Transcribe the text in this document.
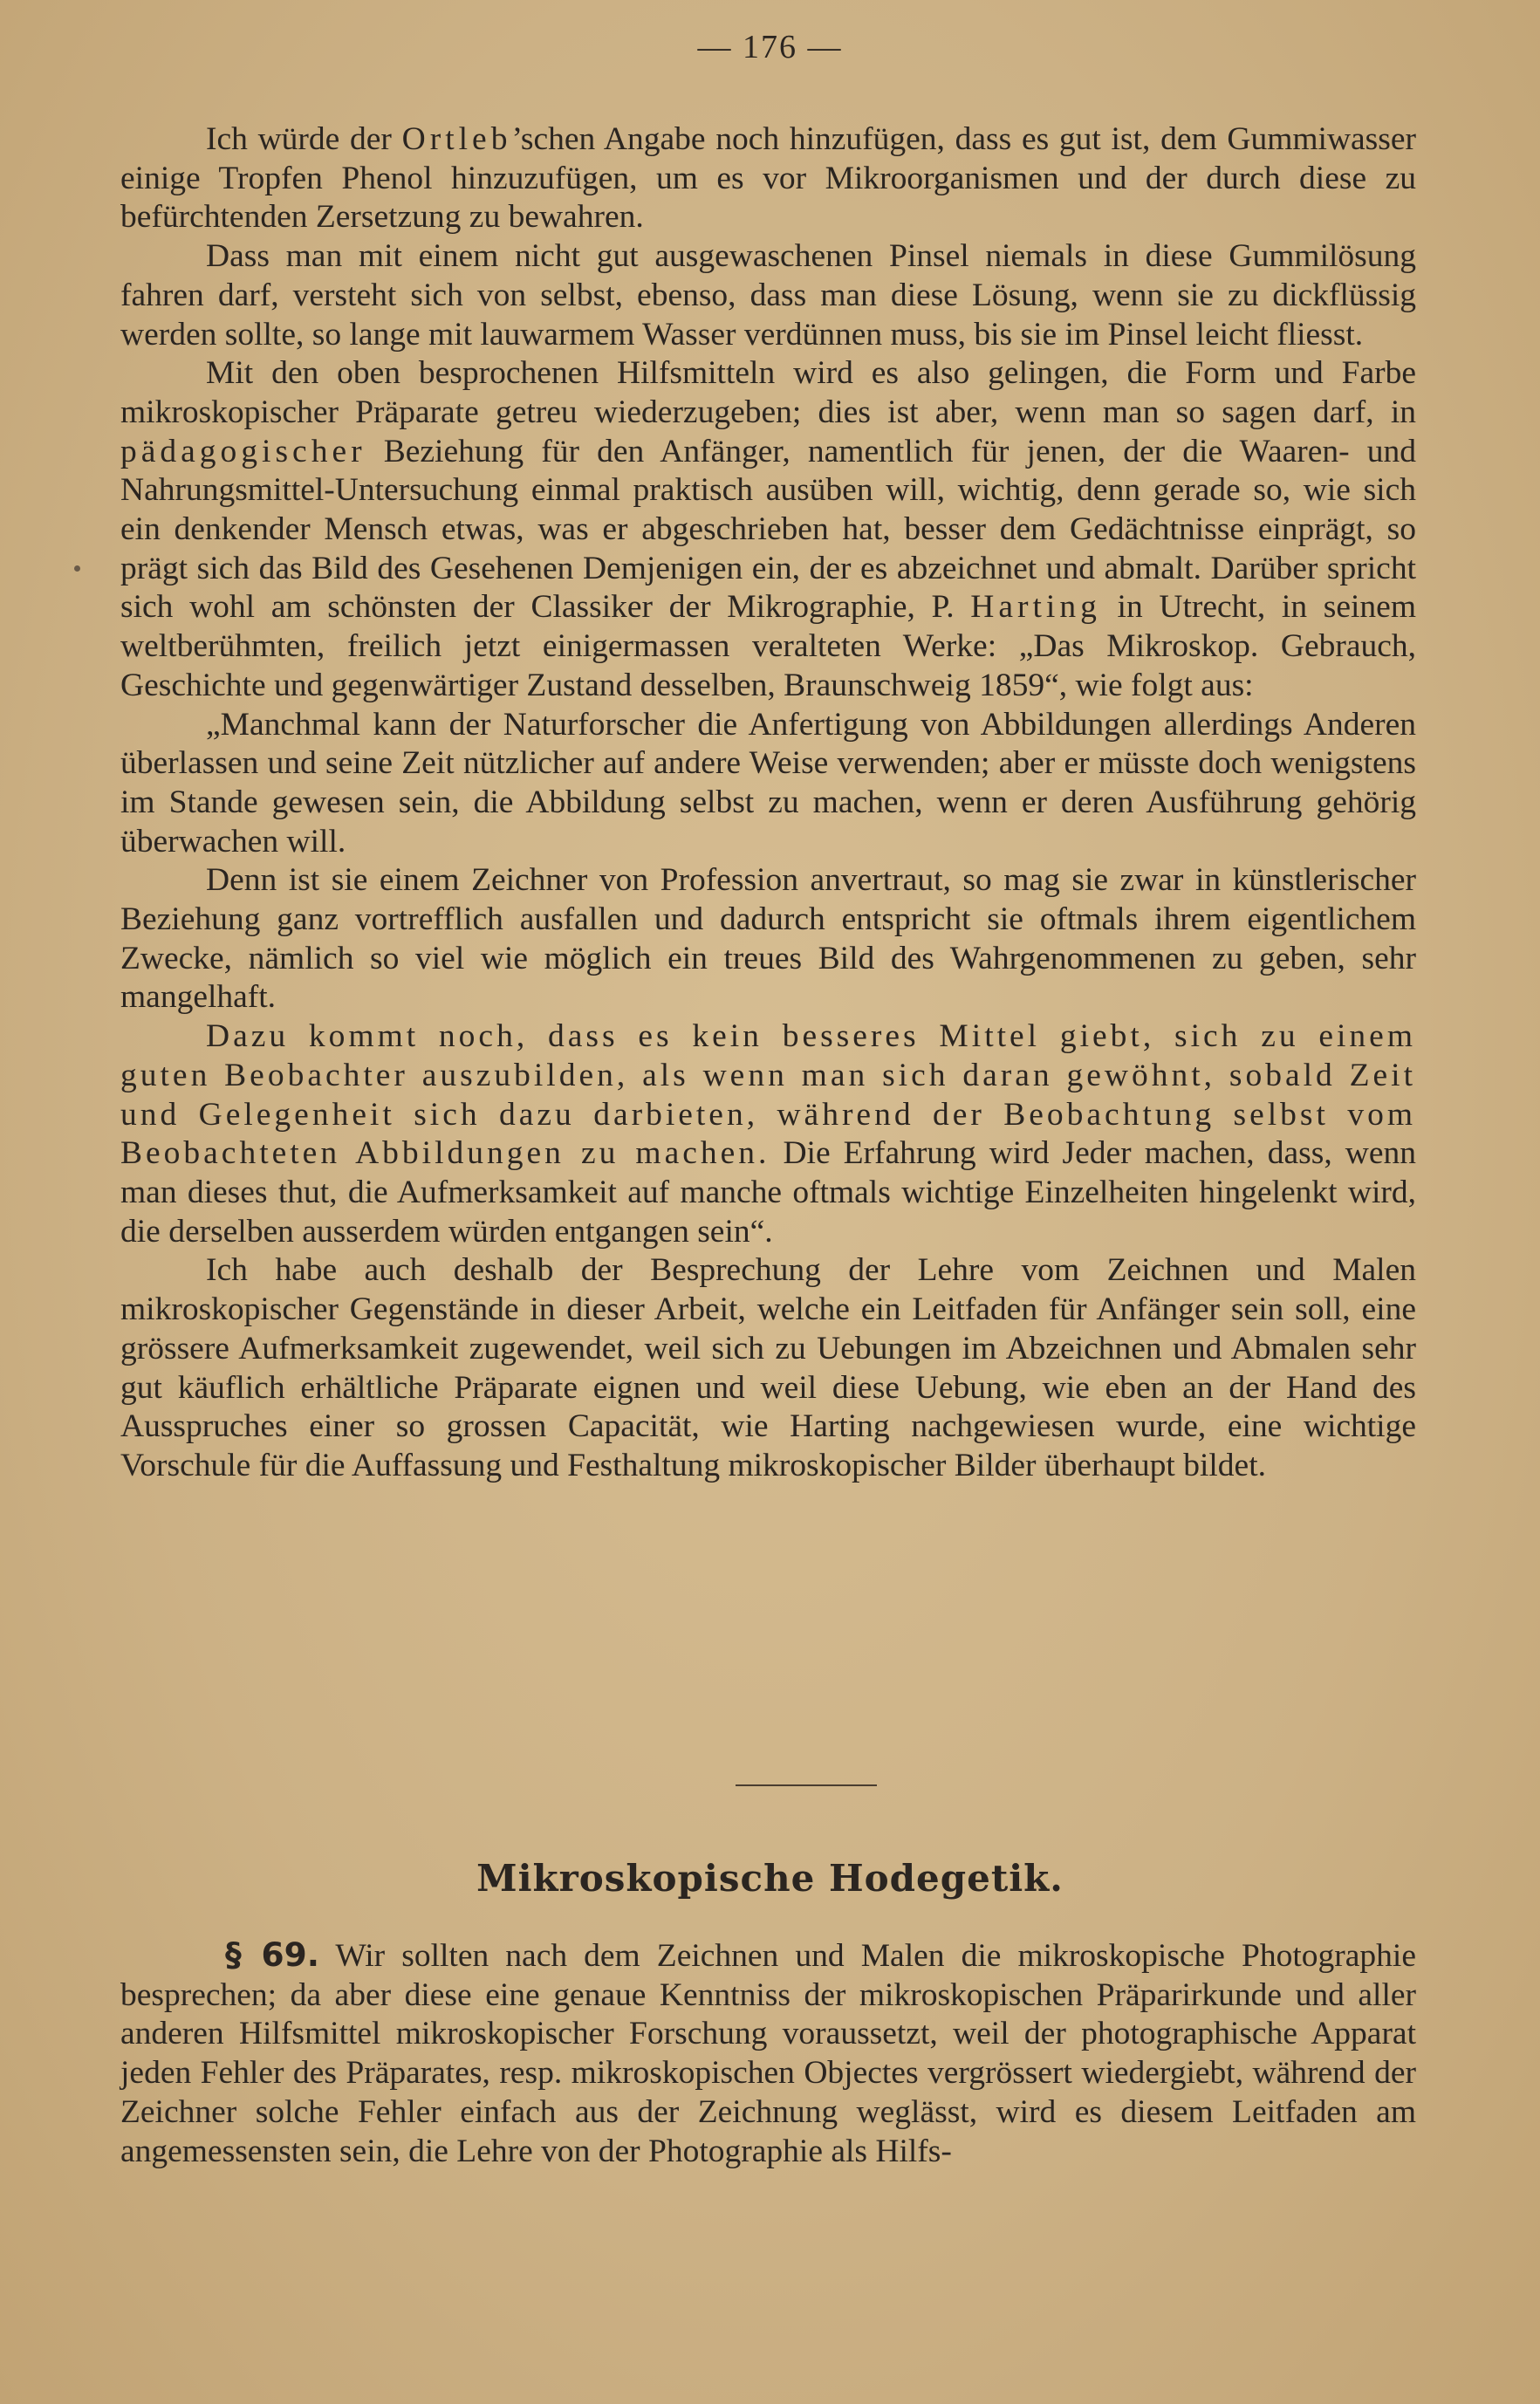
— 176 —

Ich würde der Ortleb’schen Angabe noch hinzufügen, dass es gut ist, dem Gummiwasser einige Tropfen Phenol hinzuzufügen, um es vor Mikroorganismen und der durch diese zu befürchtenden Zersetzung zu bewahren.

Dass man mit einem nicht gut ausgewaschenen Pinsel niemals in diese Gummilösung fahren darf, versteht sich von selbst, ebenso, dass man diese Lösung, wenn sie zu dickflüssig werden sollte, so lange mit lauwarmem Wasser verdünnen muss, bis sie im Pinsel leicht fliesst.

Mit den oben besprochenen Hilfsmitteln wird es also gelingen, die Form und Farbe mikroskopischer Präparate getreu wiederzugeben; dies ist aber, wenn man so sagen darf, in pädagogischer Beziehung für den Anfänger, namentlich für jenen, der die Waaren- und Nahrungsmittel-Untersuchung einmal praktisch ausüben will, wichtig, denn gerade so, wie sich ein denkender Mensch etwas, was er abgeschrieben hat, besser dem Gedächtnisse einprägt, so prägt sich das Bild des Gesehenen Demjenigen ein, der es abzeichnet und abmalt. Darüber spricht sich wohl am schönsten der Classiker der Mikrographie, P. Harting in Utrecht, in seinem weltberühmten, freilich jetzt einigermassen veralteten Werke: „Das Mikroskop. Gebrauch, Geschichte und gegenwärtiger Zustand desselben, Braunschweig 1859“, wie folgt aus:

„Manchmal kann der Naturforscher die Anfertigung von Abbildungen allerdings Anderen überlassen und seine Zeit nützlicher auf andere Weise verwenden; aber er müsste doch wenigstens im Stande gewesen sein, die Abbildung selbst zu machen, wenn er deren Ausführung gehörig überwachen will.

Denn ist sie einem Zeichner von Profession anvertraut, so mag sie zwar in künstlerischer Beziehung ganz vortrefflich ausfallen und dadurch entspricht sie oftmals ihrem eigentlichem Zwecke, nämlich so viel wie möglich ein treues Bild des Wahrgenommenen zu geben, sehr mangelhaft.

Dazu kommt noch, dass es kein besseres Mittel giebt, sich zu einem guten Beobachter auszubilden, als wenn man sich daran gewöhnt, sobald Zeit und Gelegenheit sich dazu darbieten, während der Beobachtung selbst vom Beobachteten Abbildungen zu machen. Die Erfahrung wird Jeder machen, dass, wenn man dieses thut, die Aufmerksamkeit auf manche oftmals wichtige Einzelheiten hingelenkt wird, die derselben ausserdem würden entgangen sein“.

Ich habe auch deshalb der Besprechung der Lehre vom Zeichnen und Malen mikroskopischer Gegenstände in dieser Arbeit, welche ein Leitfaden für Anfänger sein soll, eine grössere Aufmerksamkeit zugewendet, weil sich zu Uebungen im Abzeichnen und Abmalen sehr gut käuflich erhältliche Präparate eignen und weil diese Uebung, wie eben an der Hand des Ausspruches einer so grossen Capacität, wie Harting nachgewiesen wurde, eine wichtige Vorschule für die Auffassung und Festhaltung mikroskopischer Bilder überhaupt bildet.

Mikroskopische Hodegetik.

§ 69. Wir sollten nach dem Zeichnen und Malen die mikroskopische Photographie besprechen; da aber diese eine genaue Kenntniss der mikroskopischen Präparirkunde und aller anderen Hilfsmittel mikroskopischer Forschung voraussetzt, weil der photographische Apparat jeden Fehler des Präparates, resp. mikroskopischen Objectes vergrössert wiedergiebt, während der Zeichner solche Fehler einfach aus der Zeichnung weglässt, wird es diesem Leitfaden am angemessensten sein, die Lehre von der Photographie als Hilfs-
